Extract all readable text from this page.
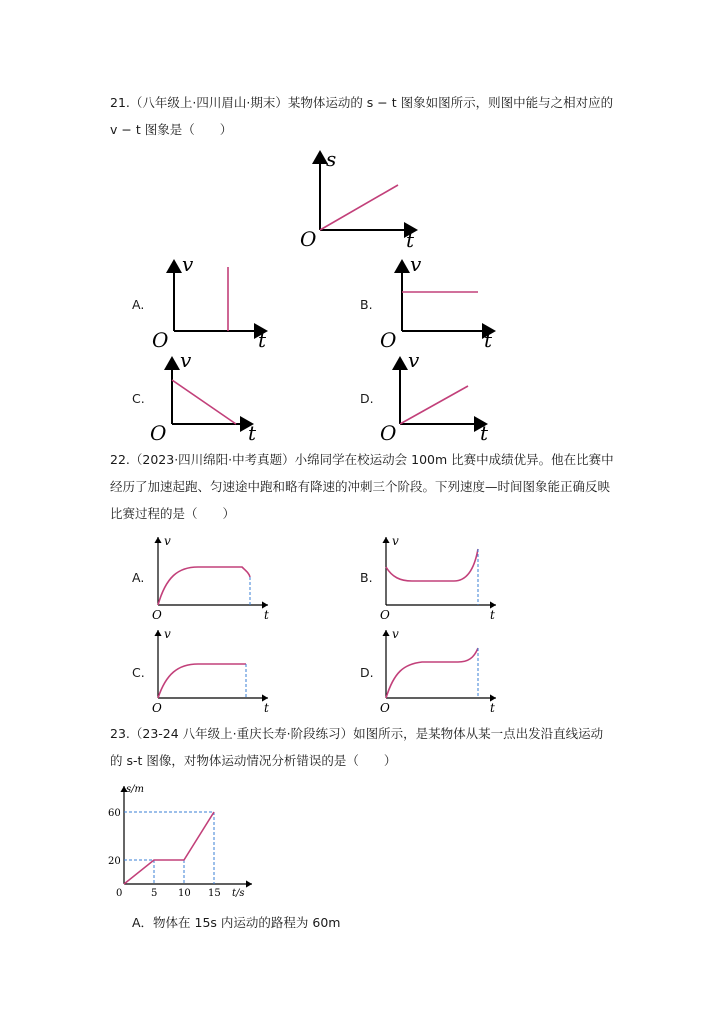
21.（八年级上·四川眉山·期末）某物体运动的 s − t 图象如图所示，则图中能与之相对应的
v − t 图象是（　　）
s
O	t
A.
v
O	t
B.
v
O	t
C.
v
O	t
D.
v
O	t
22.（2023·四川绵阳·中考真题）小绵同学在校运动会 100m 比赛中成绩优异。他在比赛中
经历了加速起跑、匀速途中跑和略有降速的冲刺三个阶段。下列速度—时间图象能正确反映
比赛过程的是（　　）
A.
v
O	t
B.
v
O	t
C.
v
O	t
D.
v
O	t
23.（23-24 八年级上·重庆长寿·阶段练习）如图所示，是某物体从某一点出发沿直线运动
的 s-t 图像，对物体运动情况分析错误的是（　　）
s/m
t/s
0	5 10 15
20
60
A．物体在 15s 内运动的路程为 60m
